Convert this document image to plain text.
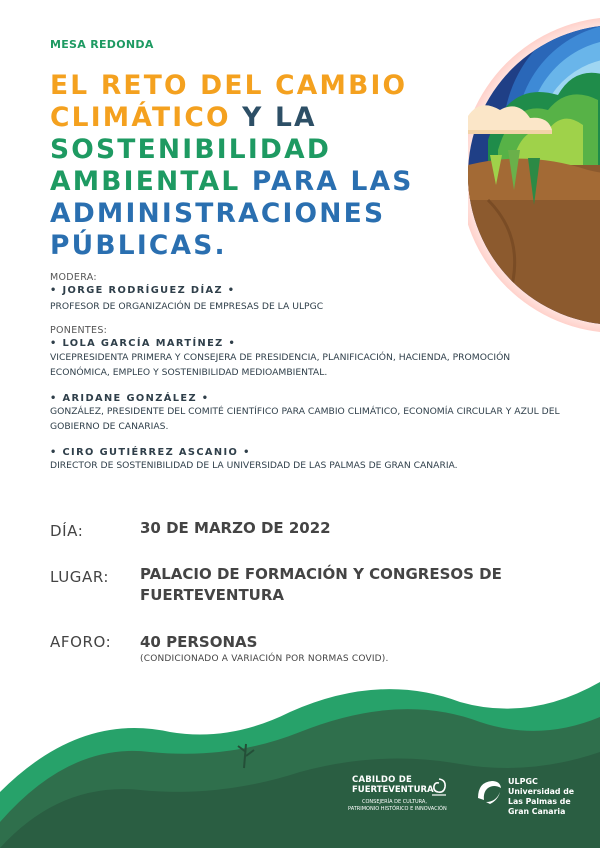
MESA REDONDA
EL RETO DEL CAMBIO
CLIMÁTICO Y LA
SOSTENIBILIDAD
AMBIENTAL PARA LAS
ADMINISTRACIONES
PÚBLICAS.
MODERA:
• JORGE RODRÍGUEZ DÍAZ •
PROFESOR DE ORGANIZACIÓN DE EMPRESAS DE LA ULPGC
PONENTES:
• LOLA GARCÍA MARTÍNEZ •
VICEPRESIDENTA PRIMERA Y CONSEJERA DE PRESIDENCIA, PLANIFICACIÓN, HACIENDA, PROMOCIÓN ECONÓMICA, EMPLEO Y SOSTENIBILIDAD MEDIOAMBIENTAL.
• ARIDANE GONZÁLEZ •
GONZÁLEZ, PRESIDENTE DEL COMITÉ CIENTÍFICO PARA CAMBIO CLIMÁTICO, ECONOMÍA CIRCULAR Y AZUL DEL GOBIERNO DE CANARIAS.
• CIRO GUTIÉRREZ ASCANIO •
DIRECTOR DE SOSTENIBILIDAD DE LA UNIVERSIDAD DE LAS PALMAS DE GRAN CANARIA.
DÍA:	30 DE MARZO DE 2022
LUGAR: PALACIO DE FORMACIÓN Y CONGRESOS DE FUERTEVENTURA
AFORO: 40 PERSONAS
(CONDICIONADO A VARIACIÓN POR NORMAS COVID).
CABILDO DE
FUERTEVENTURA
CONSEJERÍA DE CULTURA,
PATRIMONIO HISTÓRICO E INNOVACIÓN
ULPGC
Universidad de
Las Palmas de
Gran Canaria
